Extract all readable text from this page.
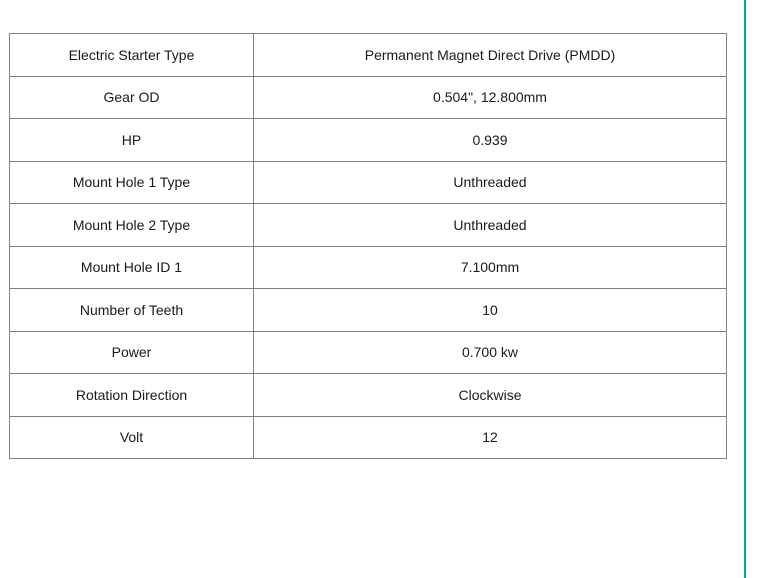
Electric Starter Type	Permanent Magnet Direct Drive (PMDD)
Gear OD	0.504", 12.800mm
HP	0.939
Mount Hole 1 Type	Unthreaded
Mount Hole 2 Type	Unthreaded
Mount Hole ID 1	7.100mm
Number of Teeth	10
Power	0.700 kw
Rotation Direction	Clockwise
Volt	12
